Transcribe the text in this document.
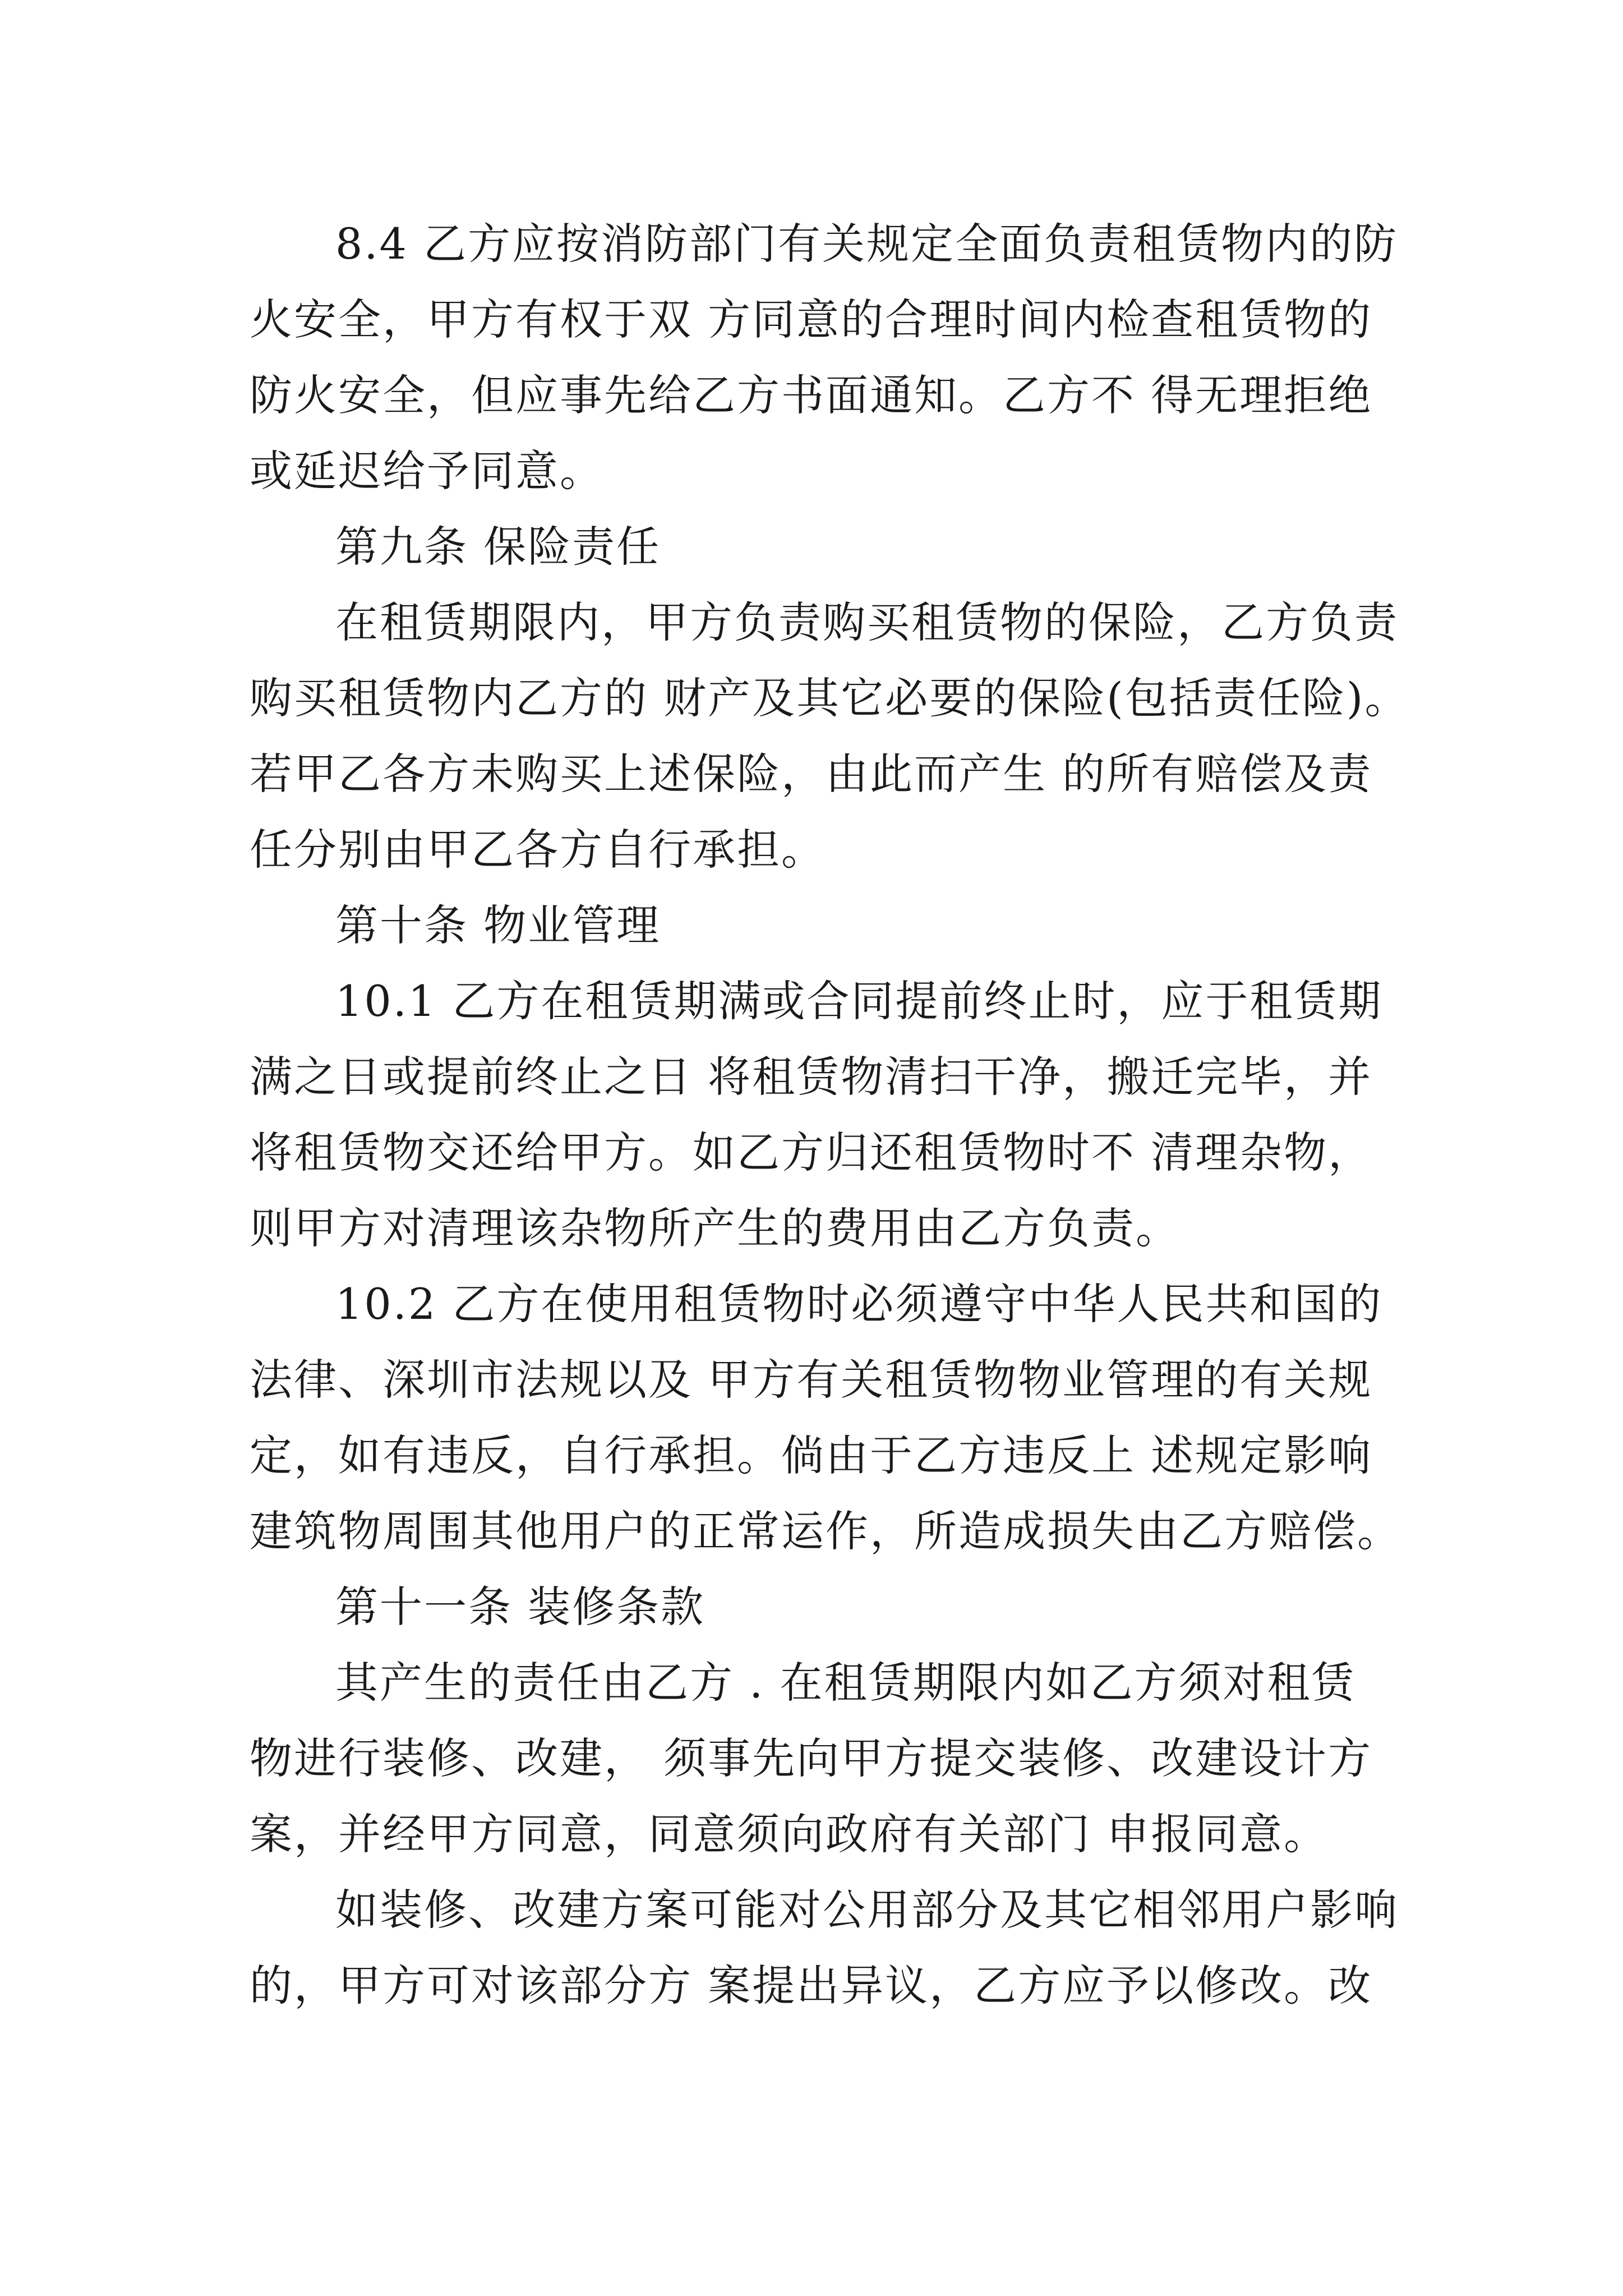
8.4 乙方应按消防部门有关规定全面负责租赁物内的防

火安全，甲方有权于双 方同意的合理时间内检查租赁物的

防火安全，但应事先给乙方书面通知。乙方不 得无理拒绝

或延迟给予同意。

第九条 保险责任

在租赁期限内，甲方负责购买租赁物的保险，乙方负责

购买租赁物内乙方的 财产及其它必要的保险(包括责任险)。

若甲乙各方未购买上述保险，由此而产生 的所有赔偿及责

任分别由甲乙各方自行承担。

第十条 物业管理

10.1 乙方在租赁期满或合同提前终止时，应于租赁期

满之日或提前终止之日 将租赁物清扫干净，搬迁完毕，并

将租赁物交还给甲方。如乙方归还租赁物时不 清理杂物，

则甲方对清理该杂物所产生的费用由乙方负责。

10.2 乙方在使用租赁物时必须遵守中华人民共和国的

法律、深圳市法规以及 甲方有关租赁物物业管理的有关规

定，如有违反，自行承担。倘由于乙方违反上 述规定影响

建筑物周围其他用户的正常运作，所造成损失由乙方赔偿。

第十一条 装修条款

其产生的责任由乙方 . 在租赁期限内如乙方须对租赁

物进行装修、改建， 须事先向甲方提交装修、改建设计方

案，并经甲方同意，同意须向政府有关部门 申报同意。

如装修、改建方案可能对公用部分及其它相邻用户影响

的，甲方可对该部分方 案提出异议，乙方应予以修改。改
